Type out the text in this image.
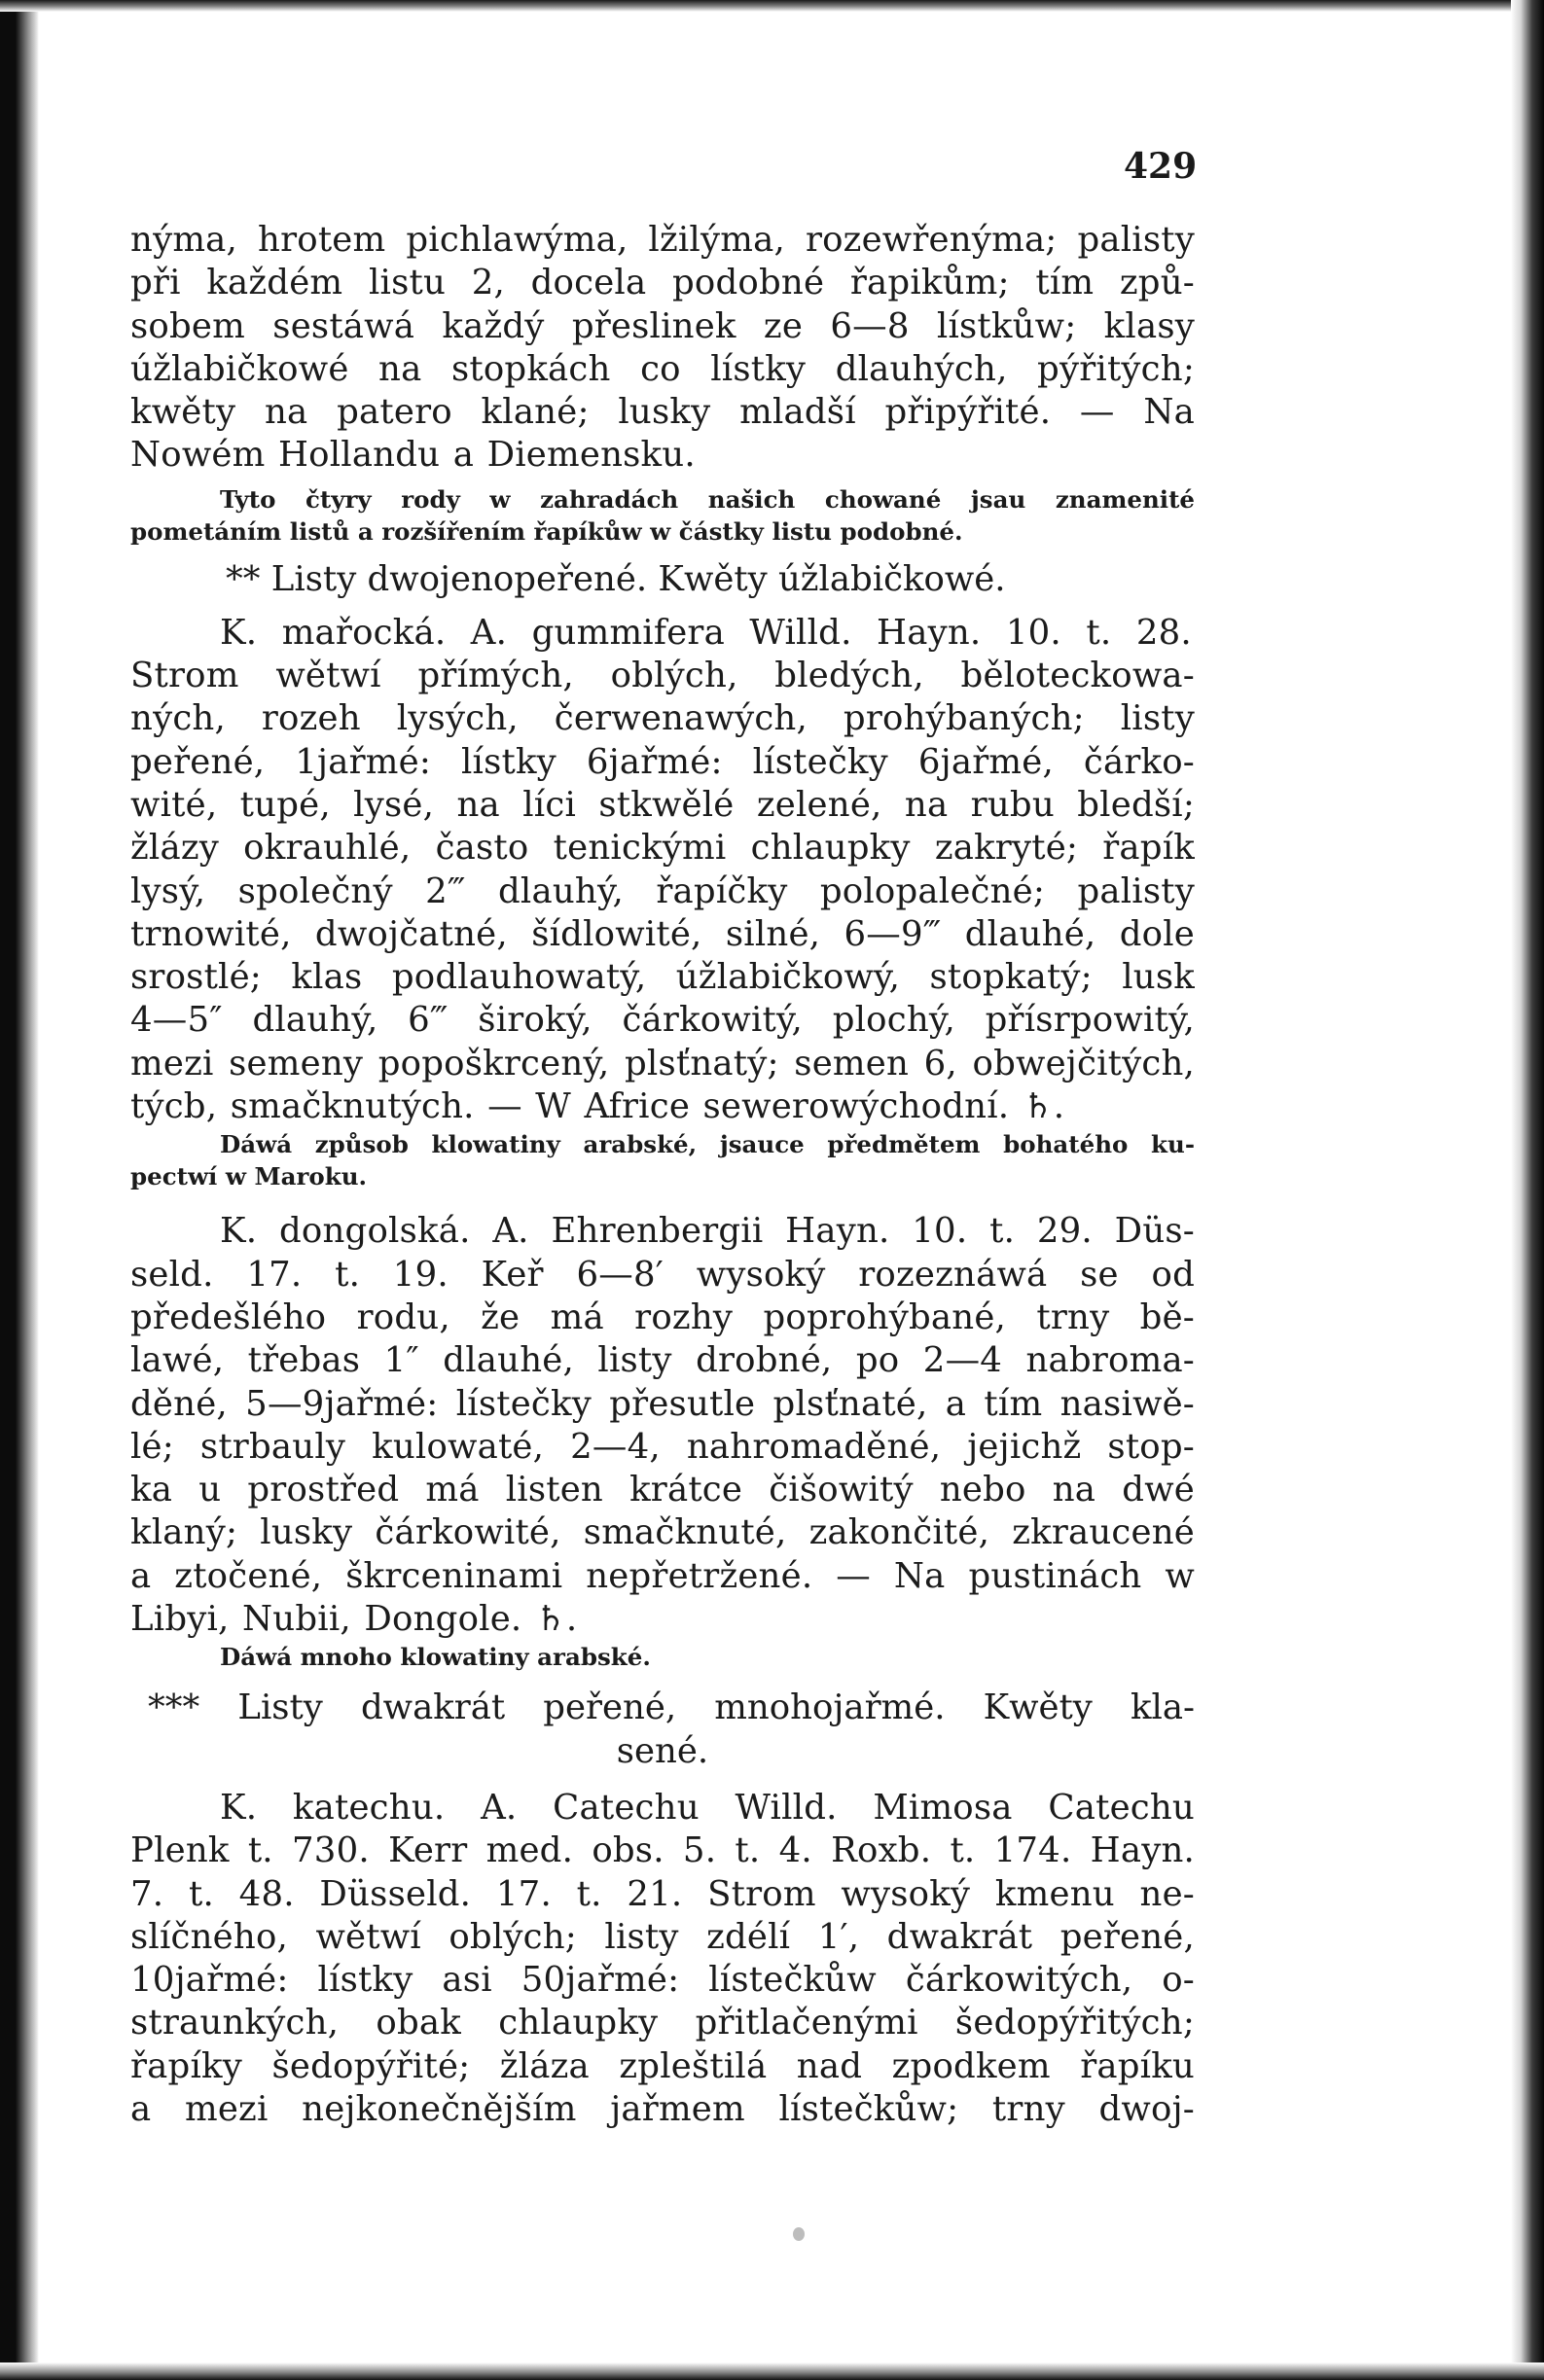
429
nýma, hrotem pichlawýma, lžilýma, rozewřenýma; palisty
při každém listu 2, docela podobné řapikům; tím způ-
sobem sestáwá každý přeslinek ze 6—8 lístkůw; klasy
úžlabičkowé na stopkách co lístky dlauhých, pýřitých;
kwěty na patero klané; lusky mladší připýřité. — Na
Nowém Hollandu a Diemensku.
Tyto čtyry rody w zahradách našich chowané jsau znamenité
pometáním listů a rozšířením řapíkůw w částky listu podobné.
** Listy dwojenopeřené. Kwěty úžlabičkowé.
K. mařocká. A. gummifera Willd. Hayn. 10. t. 28.
Strom wětwí přímých, oblých, bledých, běloteckowa-
ných, rozeh lysých, čerwenawých, prohýbaných; listy
peřené, 1jařmé: lístky 6jařmé: lístečky 6jařmé, čárko-
wité, tupé, lysé, na líci stkwělé zelené, na rubu bledší;
žlázy okrauhlé, často tenickými chlaupky zakryté; řapík
lysý, společný 2‴ dlauhý, řapíčky polopalečné; palisty
trnowité, dwojčatné, šídlowité, silné, 6—9‴ dlauhé, dole
srostlé; klas podlauhowatý, úžlabičkowý, stopkatý; lusk
4—5″ dlauhý, 6‴ široký, čárkowitý, plochý, přísrpowitý,
mezi semeny popoškrcený, plsťnatý; semen 6, obwejčitých,
týcb, smačknutých. — W Africe sewerowýchodní. ♄.
Dáwá způsob klowatiny arabské, jsauce předmětem bohatého ku-
pectwí w Maroku.
K. dongolská. A. Ehrenbergii Hayn. 10. t. 29. Düs-
seld. 17. t. 19. Keř 6—8′ wysoký rozeznáwá se od
předešlého rodu, že má rozhy poprohýbané, trny bě-
lawé, třebas 1″ dlauhé, listy drobné, po 2—4 nabroma-
děné, 5—9jařmé: lístečky přesutle plsťnaté, a tím nasiwě-
lé; strbauly kulowaté, 2—4, nahromaděné, jejichž stop-
ka u prostřed má listen krátce čišowitý nebo na dwé
klaný; lusky čárkowité, smačknuté, zakončité, zkraucené
a ztočené, škrceninami nepřetržené. — Na pustinách w
Libyi, Nubii, Dongole. ♄.
Dáwá mnoho klowatiny arabské.
*** Listy dwakrát peřené, mnohojařmé. Kwěty kla-
sené.
K. katechu. A. Catechu Willd. Mimosa Catechu
Plenk t. 730. Kerr med. obs. 5. t. 4. Roxb. t. 174. Hayn.
7. t. 48. Düsseld. 17. t. 21. Strom wysoký kmenu ne-
slíčného, wětwí oblých; listy zdélí 1′, dwakrát peřené,
10jařmé: lístky asi 50jařmé: lístečkůw čárkowitých, o-
straunkých, obak chlaupky přitlačenými šedopýřitých;
řapíky šedopýřité; žláza zpleštilá nad zpodkem řapíku
a mezi nejkonečnějším jařmem lístečkůw; trny dwoj-
